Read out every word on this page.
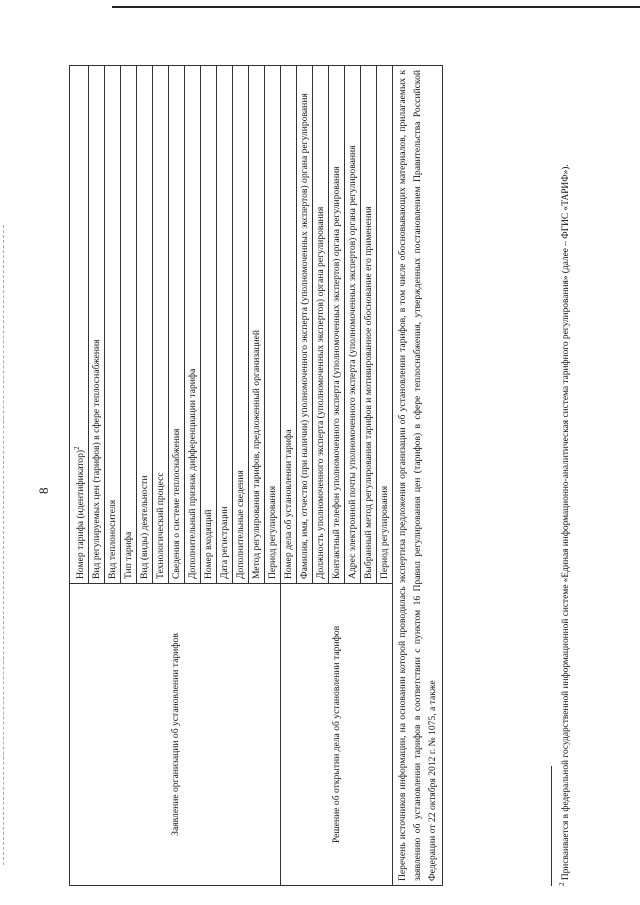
8
Заявление организации об установлении тарифов	Номер тарифа (идентификатор)$^2$
	Вид регулируемых цен (тарифов) в сфере теплоснабжения
	Вид теплоносителя
	Тип тарифа
	Вид (виды) деятельности
	Технологический процесс
	Сведения о системе теплоснабжения
	Дополнительный признак дифференциации тарифа
	Номер входящий
	Дата регистрации
	Дополнительные сведения
	Метод регулирования тарифов, предложенный организацией
	Период регулирования
Решение об открытии дела об установлении тарифов	Номер дела об установлении тарифа
	Фамилия, имя, отчество (при наличии) уполномоченного эксперта (уполномоченных экспертов) органа регулирования
	Должность уполномоченного эксперта (уполномоченных экспертов) органа регулирования
	Контактный телефон уполномоченного эксперта (уполномоченных экспертов) органа регулирования
	Адрес электронной почты уполномоченного эксперта (уполномоченных экспертов) органа регулирования
	Выбранный метод регулирования тарифов и мотивированное обоснование его применения
	Период регулирования
Перечень источников информации, на основании которой проводилась экспертиза предложения организации об установлении тарифов, в том числе обосновывающих материалов, прилагаемых к заявлению об установлении тарифов в соответствии с пунктом 16 Правил регулирования цен (тарифов) в сфере теплоснабжения, утвержденных постановлением Правительства Российской Федерации от 22 октября 2012 г. № 1075, а также	
$^2$ Присваивается в федеральной государственной информационной системе «Единая информационно-аналитическая система тарифного регулирования» (далее – ФГИС «ТАРИФ»).
